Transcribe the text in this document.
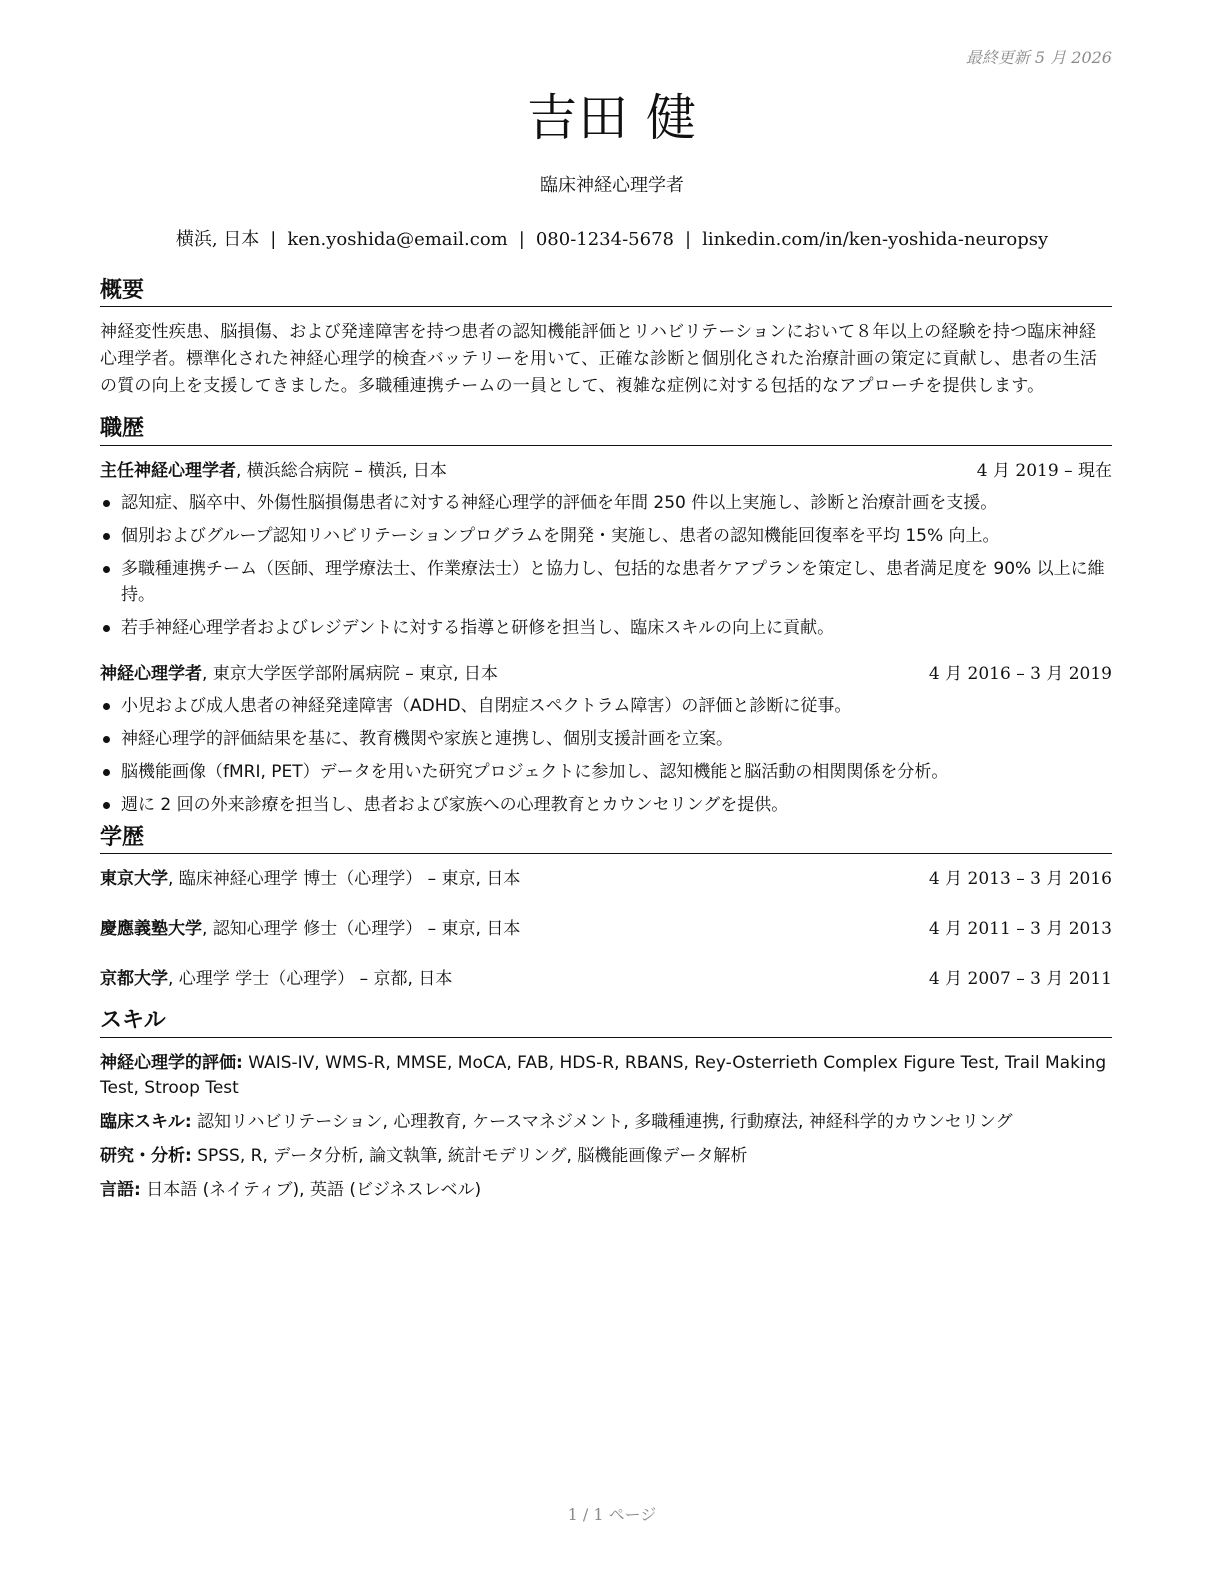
最終更新 5 月 2026
吉田 健
臨床神経心理学者
横浜, 日本 | ken.yoshida@email.com | 080-1234-5678 | linkedin.com/in/ken-yoshida-neuropsy
概要

神経変性疾患、脳損傷、および発達障害を持つ患者の認知機能評価とリハビリテーションにおいて８年以上の経験を持つ臨床神経心理学者。標準化された神経心理学的検査バッテリーを用いて、正確な診断と個別化された治療計画の策定に貢献し、患者の生活の質の向上を支援してきました。多職種連携チームの一員として、複雑な症例に対する包括的なアプローチを提供します。

職歴
主任神経心理学者, 横浜総合病院 – 横浜, 日本	4 月 2019 – 現在
認知症、脳卒中、外傷性脳損傷患者に対する神経心理学的評価を年間 250 件以上実施し、診断と治療計画を支援。
個別およびグループ認知リハビリテーションプログラムを開発・実施し、患者の認知機能回復率を平均 15% 向上。
多職種連携チーム（医師、理学療法士、作業療法士）と協力し、包括的な患者ケアプランを策定し、患者満足度を 90% 以上に維持。
若手神経心理学者およびレジデントに対する指導と研修を担当し、臨床スキルの向上に貢献。
神経心理学者, 東京大学医学部附属病院 – 東京, 日本	4 月 2016 – 3 月 2019
小児および成人患者の神経発達障害（ADHD、自閉症スペクトラム障害）の評価と診断に従事。
神経心理学的評価結果を基に、教育機関や家族と連携し、個別支援計画を立案。
脳機能画像（fMRI, PET）データを用いた研究プロジェクトに参加し、認知機能と脳活動の相関関係を分析。
週に 2 回の外来診療を担当し、患者および家族への心理教育とカウンセリングを提供。
学歴
東京大学, 臨床神経心理学 博士（心理学） – 東京, 日本	4 月 2013 – 3 月 2016
慶應義塾大学, 認知心理学 修士（心理学） – 東京, 日本	4 月 2011 – 3 月 2013
京都大学, 心理学 学士（心理学） – 京都, 日本	4 月 2007 – 3 月 2011
スキル
神経心理学的評価: WAIS-IV, WMS-R, MMSE, MoCA, FAB, HDS-R, RBANS, Rey-Osterrieth Complex Figure Test, Trail Making Test, Stroop Test
臨床スキル: 認知リハビリテーション, 心理教育, ケースマネジメント, 多職種連携, 行動療法, 神経科学的カウンセリング
研究・分析: SPSS, R, データ分析, 論文執筆, 統計モデリング, 脳機能画像データ解析
言語: 日本語 (ネイティブ), 英語 (ビジネスレベル)
1 / 1 ページ
